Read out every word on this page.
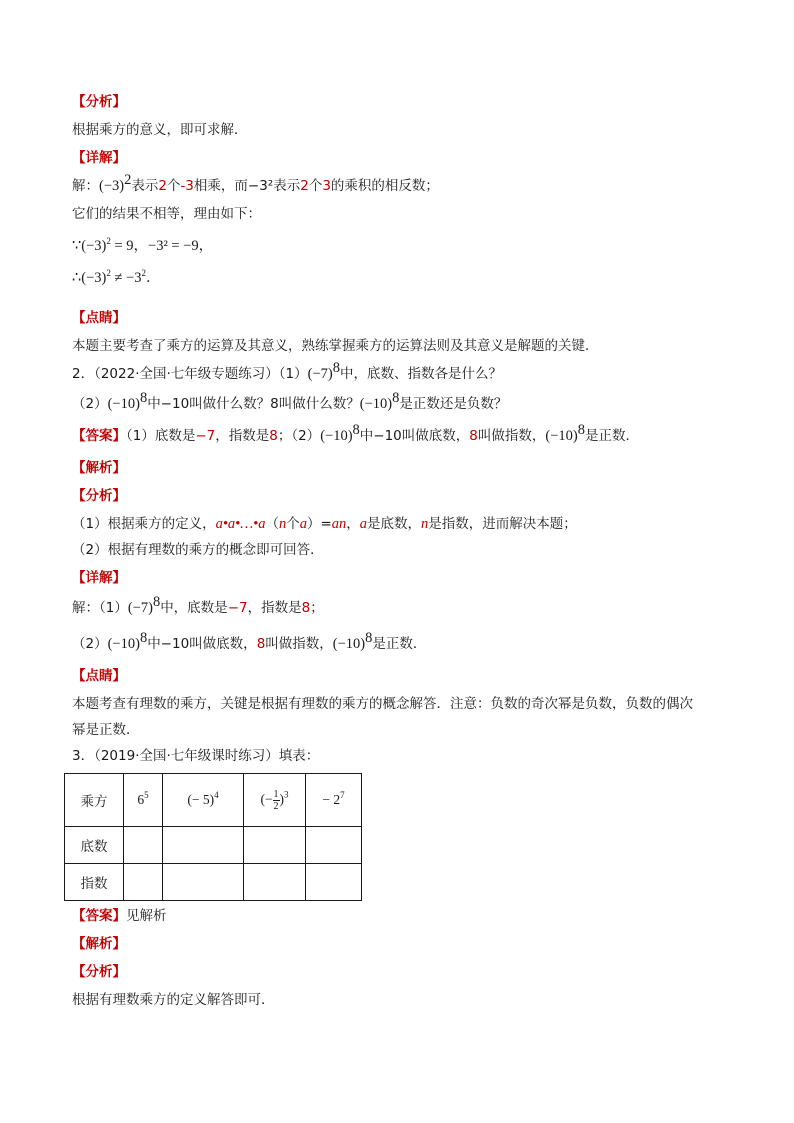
【分析】
根据乘方的意义，即可求解．
【详解】
解：$(-3)^2$表示2个-3相乘，而−3²表示2个3的乘积的相反数；
它们的结果不相等，理由如下：
$\because(-3)^2 = 9$，−3² = −9，
$\therefore(-3)^2 \ne -3^2$．
【点睛】
本题主要考查了乘方的运算及其意义，熟练掌握乘方的运算法则及其意义是解题的关键．
2．（2022·全国·七年级专题练习）$(1)(-7)^8$中，底数、指数各是什么？
$(2)(-10)^8$中−10叫做什么数？8叫做什么数？$(-10)^8$是正数还是负数？
【答案】（1）底数是−7，指数是8；$(2)(-10)^8$中−10叫做底数，8叫做指数，$(-10)^8$是正数．
【解析】
【分析】
（1）根据乘方的定义，a•a•…•a（n个a）=an，a是底数，n是指数，进而解决本题；
（2）根据有理数的乘方的概念即可回答．
【详解】
解：$(1)(-7)^8$中，底数是−7，指数是8；
$(2)(-10)^8$中−10叫做底数，8叫做指数，$(-10)^8$是正数．
【点睛】
本题考查有理数的乘方，关键是根据有理数的乘方的概念解答．注意：负数的奇次幂是负数，负数的偶次
幂是正数．
3．（2019·全国·七年级课时练习）填表：
乘方	$6^5$	(− 5)$^4$	(− $\frac{1}{2} )^3$	− $2^7$
底数				
指数				
【答案】见解析
【解析】
【分析】
根据有理数乘方的定义解答即可．
